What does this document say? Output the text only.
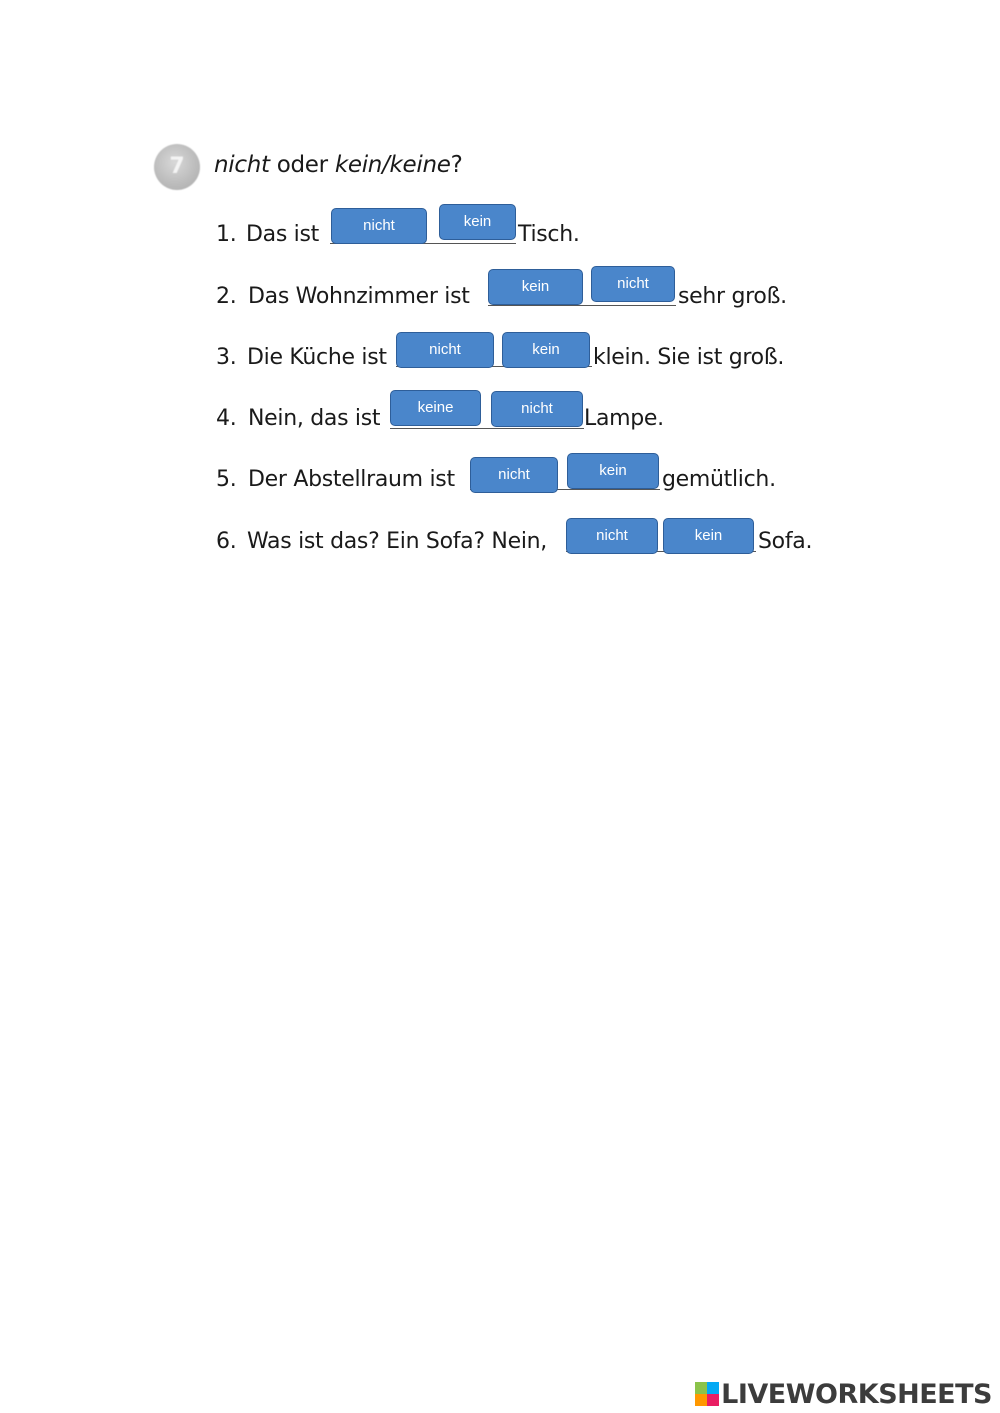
7	nicht oder kein/keine?
1. Das ist	Tisch.
nicht	kein
2. Das Wohnzimmer ist	sehr groß.
kein	nicht
3. Die Küche ist	klein. Sie ist groß.
nicht	kein
4. Nein, das ist	Lampe.
keine	nicht
5. Der Abstellraum ist	gemütlich.
nicht	kein
6. Was ist das? Ein Sofa? Nein,	Sofa.
nicht	kein
LIVEWORKSHEETS
